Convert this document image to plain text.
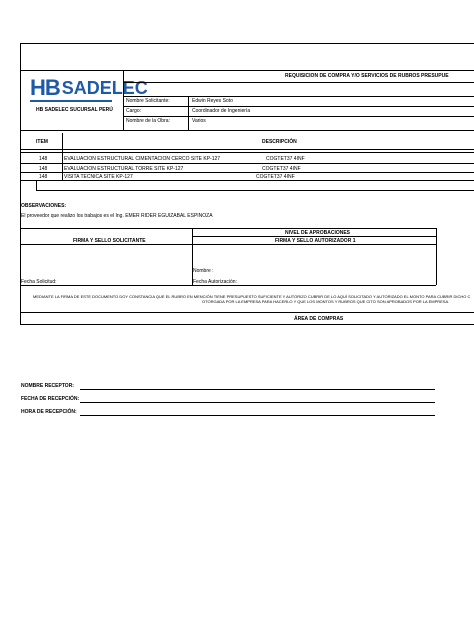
HB SADELEC
HB SADELEC SUCURSAL PERÚ
REQUISICION DE COMPRA Y/O SERVICIOS DE RUBROS PRESUPUE
Nombre Solicitante:	Edwin Reyes Soto
Cargo:	Coordinador de Ingeniería
Nombre de la Obra:	Varios
ITEM	DESCRIPCIÓN
148	EVALUACION ESTRUCTURAL CIMENTACION CERCO SITE KP-127	COGTET37 4INF
148	EVALUACION ESTRUCTURAL TORRE SITE KP-127	COGTET37 4INF
148	VISITA TECNICA SITE KP-127	COGTET37 4INF
OBSERVACIONES:
El proveedor que realizo los trabajos es el Ing. EMER RIDER EGUIZABAL ESPINOZA
NIVEL DE APROBACIONES
FIRMA Y SELLO SOLICITANTE	FIRMA Y SELLO AUTORIZADOR 1
Nombre :
Fecha Solicitud:	Fecha Autorización:
MEDIANTE LA FIRMA DE ESTE DOCUMENTO DOY CONSTANCIA QUE EL RUBRO EN MENCIÓN TIENE PRESUPUESTO SUFICIENTE Y AUTORIZO CUBRIR DE LO AQUÍ SOLICITADO Y AUTORIZADO EL MONTO PARA CUBRIR DICHO C
OTORGADA POR LA EMPRESA PARA HACERLO Y QUE LOS MONTOS Y RUBROS QUE CITO SON APROBADOS POR LA EMPRESA.
ÁREA DE COMPRAS
NOMBRE RECEPTOR:
FECHA DE RECEPCIÓN:
HORA DE RECEPCIÓN:
